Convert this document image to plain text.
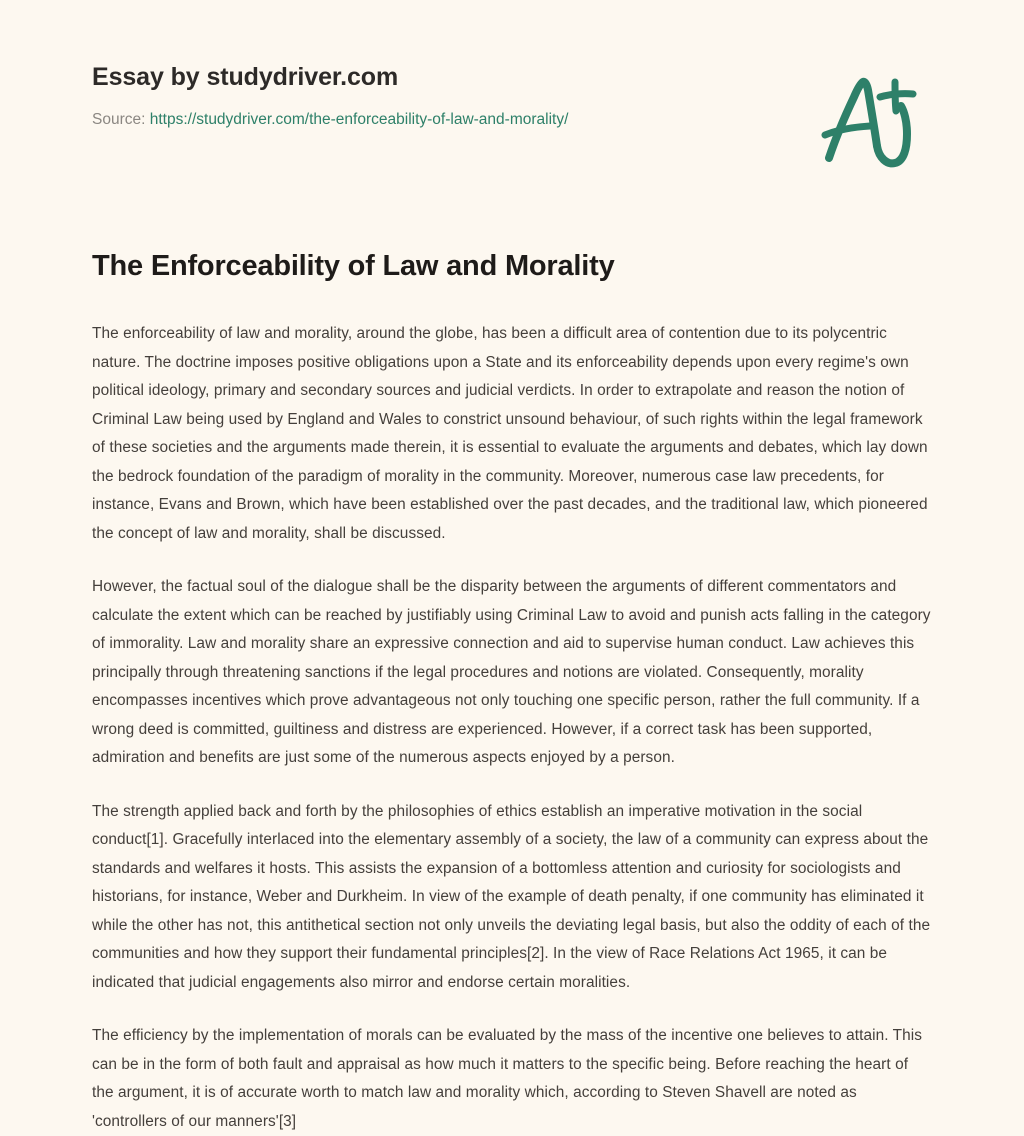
Essay by studydriver.com
Source: https://studydriver.com/the-enforceability-of-law-and-morality/
The Enforceability of Law and Morality

The enforceability of law and morality, around the globe, has been a difficult area of contention due to its polycentric nature. The doctrine imposes positive obligations upon a State and its enforceability depends upon every regime's own political ideology, primary and secondary sources and judicial verdicts. In order to extrapolate and reason the notion of Criminal Law being used by England and Wales to constrict unsound behaviour, of such rights within the legal framework of these societies and the arguments made therein, it is essential to evaluate the arguments and debates, which lay down the bedrock foundation of the paradigm of morality in the community. Moreover, numerous case law precedents, for instance, Evans and Brown, which have been established over the past decades, and the traditional law, which pioneered the concept of law and morality, shall be discussed.

However, the factual soul of the dialogue shall be the disparity between the arguments of different commentators and calculate the extent which can be reached by justifiably using Criminal Law to avoid and punish acts falling in the category of immorality. Law and morality share an expressive connection and aid to supervise human conduct. Law achieves this principally through threatening sanctions if the legal procedures and notions are violated. Consequently, morality encompasses incentives which prove advantageous not only touching one specific person, rather the full community. If a wrong deed is committed, guiltiness and distress are experienced. However, if a correct task has been supported, admiration and benefits are just some of the numerous aspects enjoyed by a person.

The strength applied back and forth by the philosophies of ethics establish an imperative motivation in the social conduct[1]. Gracefully interlaced into the elementary assembly of a society, the law of a community can express about the standards and welfares it hosts. This assists the expansion of a bottomless attention and curiosity for sociologists and historians, for instance, Weber and Durkheim. In view of the example of death penalty, if one community has eliminated it while the other has not, this antithetical section not only unveils the deviating legal basis, but also the oddity of each of the communities and how they support their fundamental principles[2]. In the view of Race Relations Act 1965, it can be indicated that judicial engagements also mirror and endorse certain moralities.

The efficiency by the implementation of morals can be evaluated by the mass of the incentive one believes to attain. This can be in the form of both fault and appraisal as how much it matters to the specific being. Before reaching the heart of the argument, it is of accurate worth to match law and morality which, according to Steven Shavell are noted as 'controllers of our manners'[3]
